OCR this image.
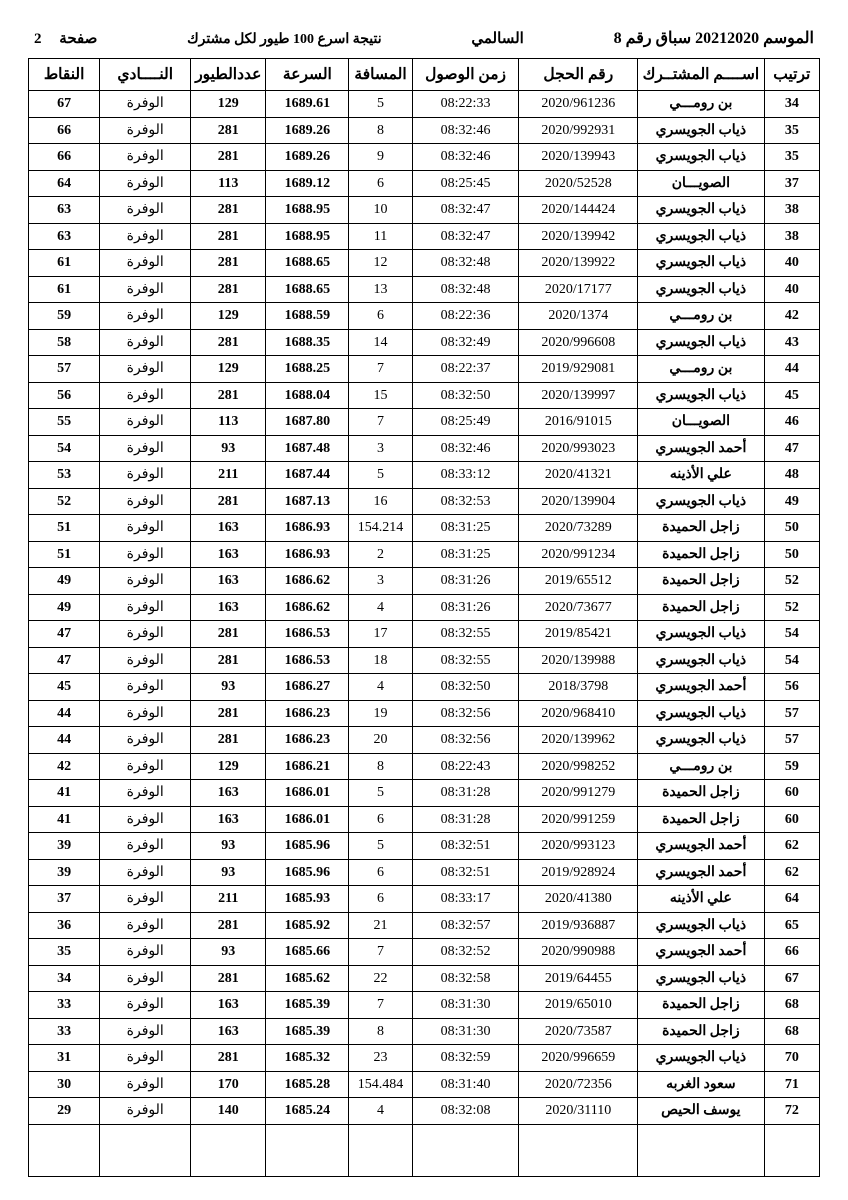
الموسم 20212020 سباق رقم 8
السالمي
نتيجة اسرع 100 طيور لكل مشترك
صفحة 2
ترتيب	اســــم المشتــرك	رقم الحجل	زمن الوصول	المسافة	السرعة	عددالطيور	النــــادي	النقاط
34	بن رومـــي	2020/961236	08:22:33	5	1689.61	129	الوفرة	67
35	ذياب الجويسري	2020/992931	08:32:46	8	1689.26	281	الوفرة	66
35	ذياب الجويسري	2020/139943	08:32:46	9	1689.26	281	الوفرة	66
37	الصويـــان	2020/52528	08:25:45	6	1689.12	113	الوفرة	64
38	ذياب الجويسري	2020/144424	08:32:47	10	1688.95	281	الوفرة	63
38	ذياب الجويسري	2020/139942	08:32:47	11	1688.95	281	الوفرة	63
40	ذياب الجويسري	2020/139922	08:32:48	12	1688.65	281	الوفرة	61
40	ذياب الجويسري	2020/17177	08:32:48	13	1688.65	281	الوفرة	61
42	بن رومـــي	2020/1374	08:22:36	6	1688.59	129	الوفرة	59
43	ذياب الجويسري	2020/996608	08:32:49	14	1688.35	281	الوفرة	58
44	بن رومـــي	2019/929081	08:22:37	7	1688.25	129	الوفرة	57
45	ذياب الجويسري	2020/139997	08:32:50	15	1688.04	281	الوفرة	56
46	الصويـــان	2016/91015	08:25:49	7	1687.80	113	الوفرة	55
47	أحمد الجويسري	2020/993023	08:32:46	3	1687.48	93	الوفرة	54
48	علي الأذينه	2020/41321	08:33:12	5	1687.44	211	الوفرة	53
49	ذياب الجويسري	2020/139904	08:32:53	16	1687.13	281	الوفرة	52
50	زاجل الحميدة	2020/73289	08:31:25	154.214	1686.93	163	الوفرة	51
50	زاجل الحميدة	2020/991234	08:31:25	2	1686.93	163	الوفرة	51
52	زاجل الحميدة	2019/65512	08:31:26	3	1686.62	163	الوفرة	49
52	زاجل الحميدة	2020/73677	08:31:26	4	1686.62	163	الوفرة	49
54	ذياب الجويسري	2019/85421	08:32:55	17	1686.53	281	الوفرة	47
54	ذياب الجويسري	2020/139988	08:32:55	18	1686.53	281	الوفرة	47
56	أحمد الجويسري	2018/3798	08:32:50	4	1686.27	93	الوفرة	45
57	ذياب الجويسري	2020/968410	08:32:56	19	1686.23	281	الوفرة	44
57	ذياب الجويسري	2020/139962	08:32:56	20	1686.23	281	الوفرة	44
59	بن رومـــي	2020/998252	08:22:43	8	1686.21	129	الوفرة	42
60	زاجل الحميدة	2020/991279	08:31:28	5	1686.01	163	الوفرة	41
60	زاجل الحميدة	2020/991259	08:31:28	6	1686.01	163	الوفرة	41
62	أحمد الجويسري	2020/993123	08:32:51	5	1685.96	93	الوفرة	39
62	أحمد الجويسري	2019/928924	08:32:51	6	1685.96	93	الوفرة	39
64	علي الأذينه	2020/41380	08:33:17	6	1685.93	211	الوفرة	37
65	ذياب الجويسري	2019/936887	08:32:57	21	1685.92	281	الوفرة	36
66	أحمد الجويسري	2020/990988	08:32:52	7	1685.66	93	الوفرة	35
67	ذياب الجويسري	2019/64455	08:32:58	22	1685.62	281	الوفرة	34
68	زاجل الحميدة	2019/65010	08:31:30	7	1685.39	163	الوفرة	33
68	زاجل الحميدة	2020/73587	08:31:30	8	1685.39	163	الوفرة	33
70	ذياب الجويسري	2020/996659	08:32:59	23	1685.32	281	الوفرة	31
71	سعود الغربه	2020/72356	08:31:40	154.484	1685.28	170	الوفرة	30
72	يوسف الحيص	2020/31110	08:32:08	4	1685.24	140	الوفرة	29
